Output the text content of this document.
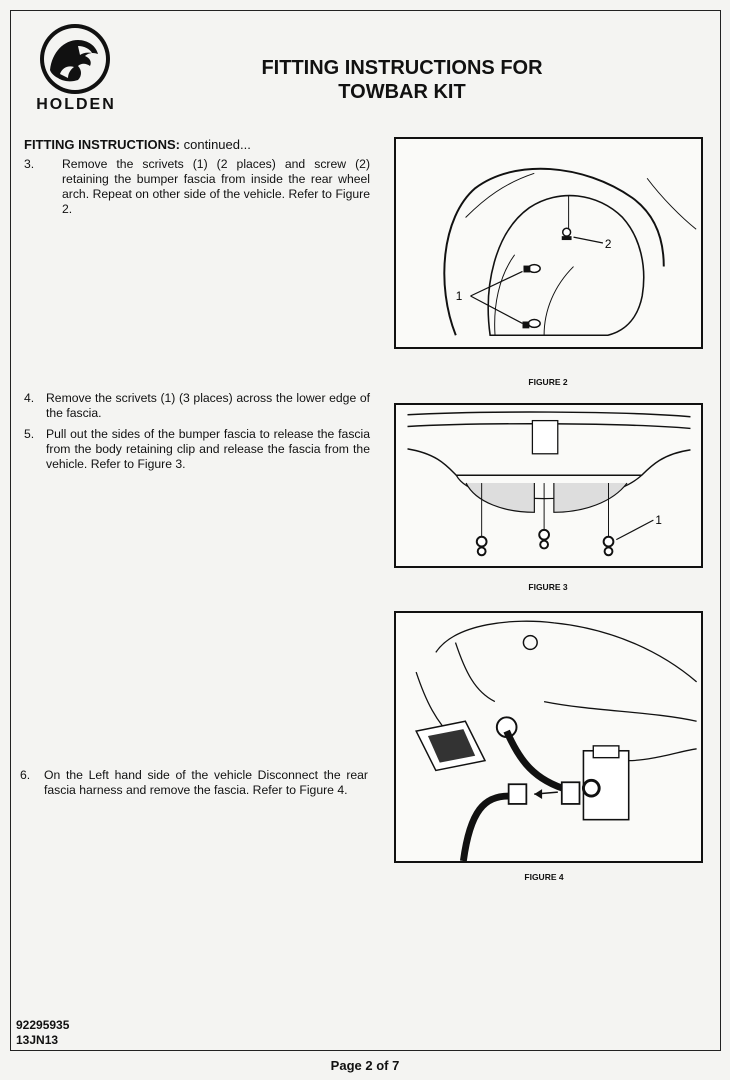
HOLDEN
FITTING INSTRUCTIONS FOR
TOWBAR KIT
FITTING INSTRUCTIONS: continued...
3. Remove the scrivets (1) (2 places) and screw (2) retaining the bumper fascia from inside the rear wheel arch. Repeat on other side of the vehicle. Refer to Figure 2.
4. Remove the scrivets (1) (3 places) across the lower edge of the fascia.
5. Pull out the sides of the bumper fascia to release the fascia from the body retaining clip and release the fascia from the vehicle. Refer to Figure 3.
6. On the Left hand side of the vehicle Disconnect the rear fascia harness and remove the fascia. Refer to Figure 4.
2
1
FIGURE 2
1
FIGURE 3
FIGURE 4
92295935
13JN13
Page 2 of 7
